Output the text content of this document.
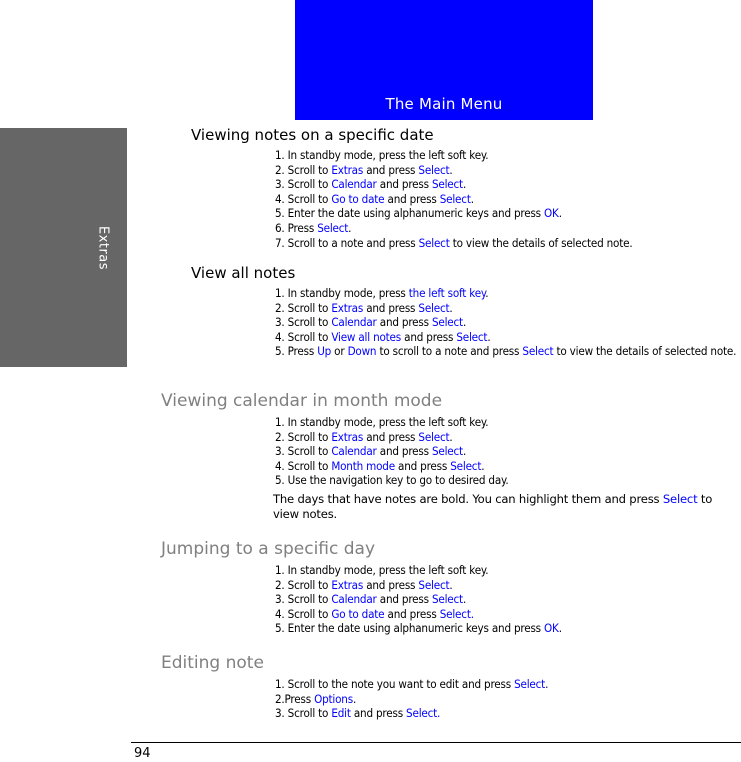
The Main Menu
Extras
Viewing notes on a specific date
1. In standby mode, press the left soft key.
2. Scroll to Extras and press Select.
3. Scroll to Calendar and press Select.
4. Scroll to Go to date and press Select.
5. Enter the date using alphanumeric keys and press OK.
6. Press Select.
7. Scroll to a note and press Select to view the details of selected note.
View all notes
1. In standby mode, press the left soft key.
2. Scroll to Extras and press Select.
3. Scroll to Calendar and press Select.
4. Scroll to View all notes and press Select.
5. Press Up or Down to scroll to a note and press Select to view the details of selected note.
Viewing calendar in month mode
1. In standby mode, press the left soft key.
2. Scroll to Extras and press Select.
3. Scroll to Calendar and press Select.
4. Scroll to Month mode and press Select.
5. Use the navigation key to go to desired day.
The days that have notes are bold. You can highlight them and press Select to view notes.
Jumping to a specific day
1. In standby mode, press the left soft key.
2. Scroll to Extras and press Select.
3. Scroll to Calendar and press Select.
4. Scroll to Go to date and press Select.
5. Enter the date using alphanumeric keys and press OK.
Editing note
1. Scroll to the note you want to edit and press Select.
2.Press Options.
3. Scroll to Edit and press Select.
94
